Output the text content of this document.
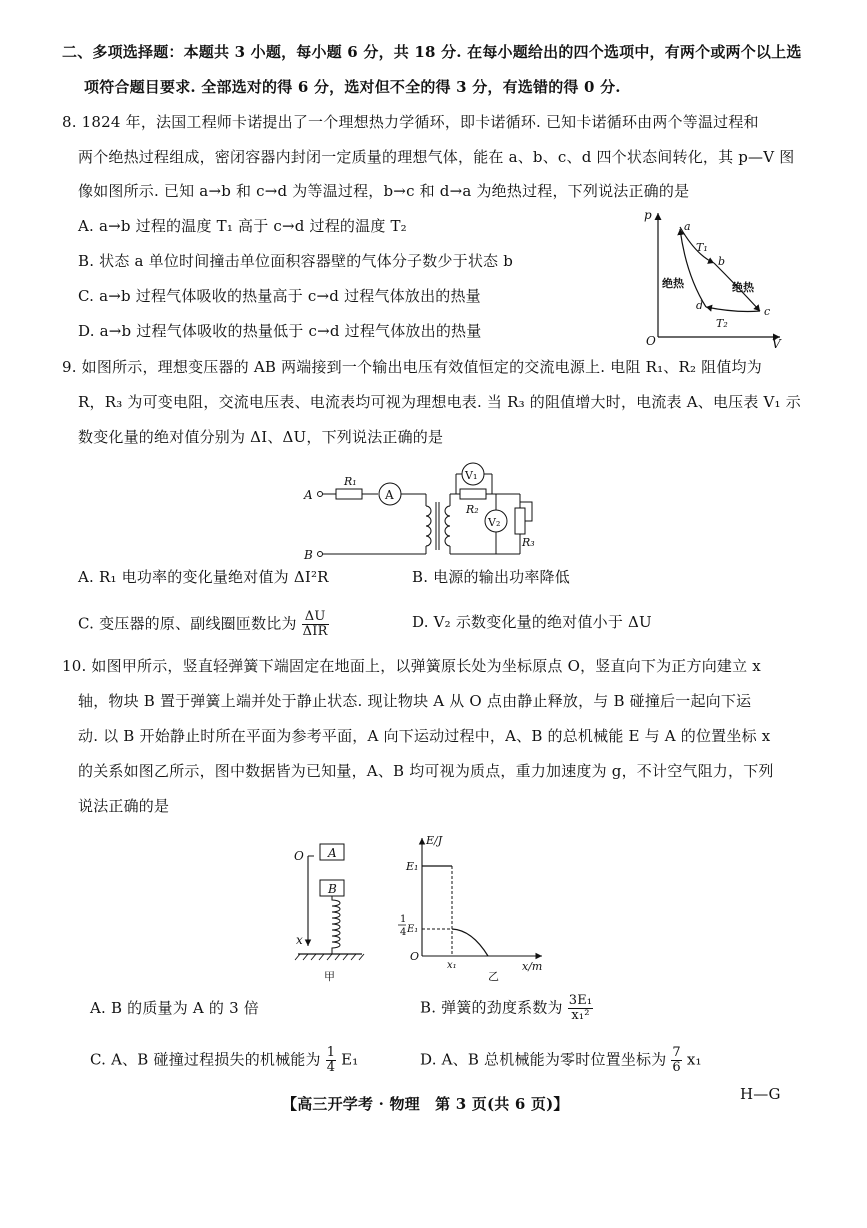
二、多项选择题：本题共 3 小题，每小题 6 分，共 18 分. 在每小题给出的四个选项中，有两个或两个以上选
项符合题目要求. 全部选对的得 6 分，选对但不全的得 3 分，有选错的得 0 分.
8. 1824 年，法国工程师卡诺提出了一个理想热力学循环，即卡诺循环. 已知卡诺循环由两个等温过程和
两个绝热过程组成，密闭容器内封闭一定质量的理想气体，能在 a、b、c、d 四个状态间转化，其 p—V 图
像如图所示. 已知 a→b 和 c→d 为等温过程，b→c 和 d→a 为绝热过程，下列说法正确的是
A. a→b 过程的温度 T₁ 高于 c→d 过程的温度 T₂
B. 状态 a 单位时间撞击单位面积容器壁的气体分子数少于状态 b
C. a→b 过程气体吸收的热量高于 c→d 过程气体放出的热量
D. a→b 过程气体吸收的热量低于 c→d 过程气体放出的热量
p
V
O
a
b
c
d
T₁
T₂
绝热	绝热
9. 如图所示，理想变压器的 AB 两端接到一个输出电压有效值恒定的交流电源上. 电阻 R₁、R₂ 阻值均为
R，R₃ 为可变电阻，交流电压表、电流表均可视为理想电表. 当 R₃ 的阻值增大时，电流表 A、电压表 V₁ 示
数变化量的绝对值分别为 ΔI、ΔU，下列说法正确的是
A
B
R₁
A
R₂
V₁
V₂
R₃
A. R₁ 电功率的变化量绝对值为 ΔI²R	B. 电源的输出功率降低
C. 变压器的原、副线圈匝数比为 $\frac{\Delta U}{\text{ΔIR}}$	D. V₂ 示数变化量的绝对值小于 ΔU
10. 如图甲所示，竖直轻弹簧下端固定在地面上，以弹簧原长处为坐标原点 O，竖直向下为正方向建立 x
轴，物块 B 置于弹簧上端并处于静止状态. 现让物块 A 从 O 点由静止释放，与 B 碰撞后一起向下运
动. 以 B 开始静止时所在平面为参考平面，A 向下运动过程中，A、B 的总机械能 E 与 A 的位置坐标 x
的关系如图乙所示，图中数据皆为已知量，A、B 均可视为质点，重力加速度为 g，不计空气阻力，下列
说法正确的是
O
x
A
B
甲
E/J
E₁
1
4 E₁
O
x₁	x/m
乙
A. B 的质量为 A 的 3 倍	B. 弹簧的劲度系数为 $\frac{\text{3E₁}}{\text{x₁²}}$
C. A、B 碰撞过程损失的机械能为 $\frac{1}{4} E_1$	D. A、B 总机械能为零时位置坐标为 $\frac{7}{6} x_1$
【高三开学考 · 物理　第 3 页(共 6 页)】
H—G
